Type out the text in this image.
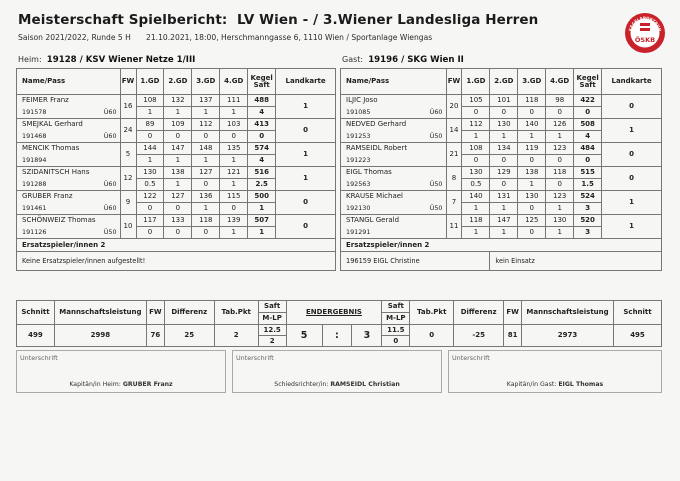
Meisterschaft Spielbericht: LV Wien - / 3.Wiener Landesliga Herren
Saison 2021/2022, Runde 5 H 21.10.2021, 18:00, Herschmanngasse 6, 1110 Wien / Sportanlage Wiengas
KEGELSPORTBUN
ÖSKB
Heim: 19128 / KSV Wiener Netze 1/III	Gast: 19196 / SKG Wien II
Name/Pass	FW	1.GD	2.GD	3.GD	4.GD	Kegel
Saft	Landkarte
FEIMER Franz	16	108	132	137	111	488	1

Ü60
191578		1	1	1	1	4	
SMEJKAL Gerhard	24	89	109	112	103	413	0

Ü60
191468		0	0	0	0	0	
MENCIK Thomas	5	144	147	148	135	574	1

191894		1	1	1	1	4	
SZIDANITSCH Hans	12	130	138	127	121	516	1

Ü60
191288		0.5	1	0	1	2.5	
GRUBER Franz	9	122	127	136	115	500	0

Ü60
191461		0	0	1	0	1	
SCHÖNWEIZ Thomas	10	117	133	118	139	507	0

Ü50
191126		0	0	0	1	1	
Ersatzspieler/innen 2							
Keine Ersatzspieler/innen aufgestellt!							
Name/Pass	FW	1.GD	2.GD	3.GD	4.GD	Kegel
Saft	Landkarte
ILJIC Joso	20	105	101	118	98	422	0

Ü60
191085		0	0	0	0	0	
NEDVED Gerhard	14	112	130	140	126	508	1

Ü50
191253		1	1	1	1	4	
RAMSEIDL Robert	21	108	134	119	123	484	0

191223		0	0	0	0	0	
EIGL Thomas	8	130	129	138	118	515	0

Ü50
192563		0.5	0	1	0	1.5	
KRAUSE Michael	7	140	131	130	123	524	1

Ü50
192130		1	1	0	1	3	
STANGL Gerald	11	118	147	125	130	520	1

191291		1	1	0	1	3	
Ersatzspieler/innen 2							
196159 EIGL Christine			kein Einsatz				
Schnitt	Mannschaftsleistung	FW	Differenz	Tab.Pkt	Saft	ENDERGEBNIS			Saft	Tab.Pkt	Differenz	FW	Mannschaftsleistung	Schnitt
					M-LP				M-LP					
499	2998	76	25	2	12.5	5	:	3	11.5	0	-25	81	2973	495
					2				0					
Unterschrift
Kapitän/in Heim: GRUBER Franz
Unterschrift
Schiedsrichter/in: RAMSEIDL Christian
Unterschrift
Kapitän/in Gast: EIGL Thomas
